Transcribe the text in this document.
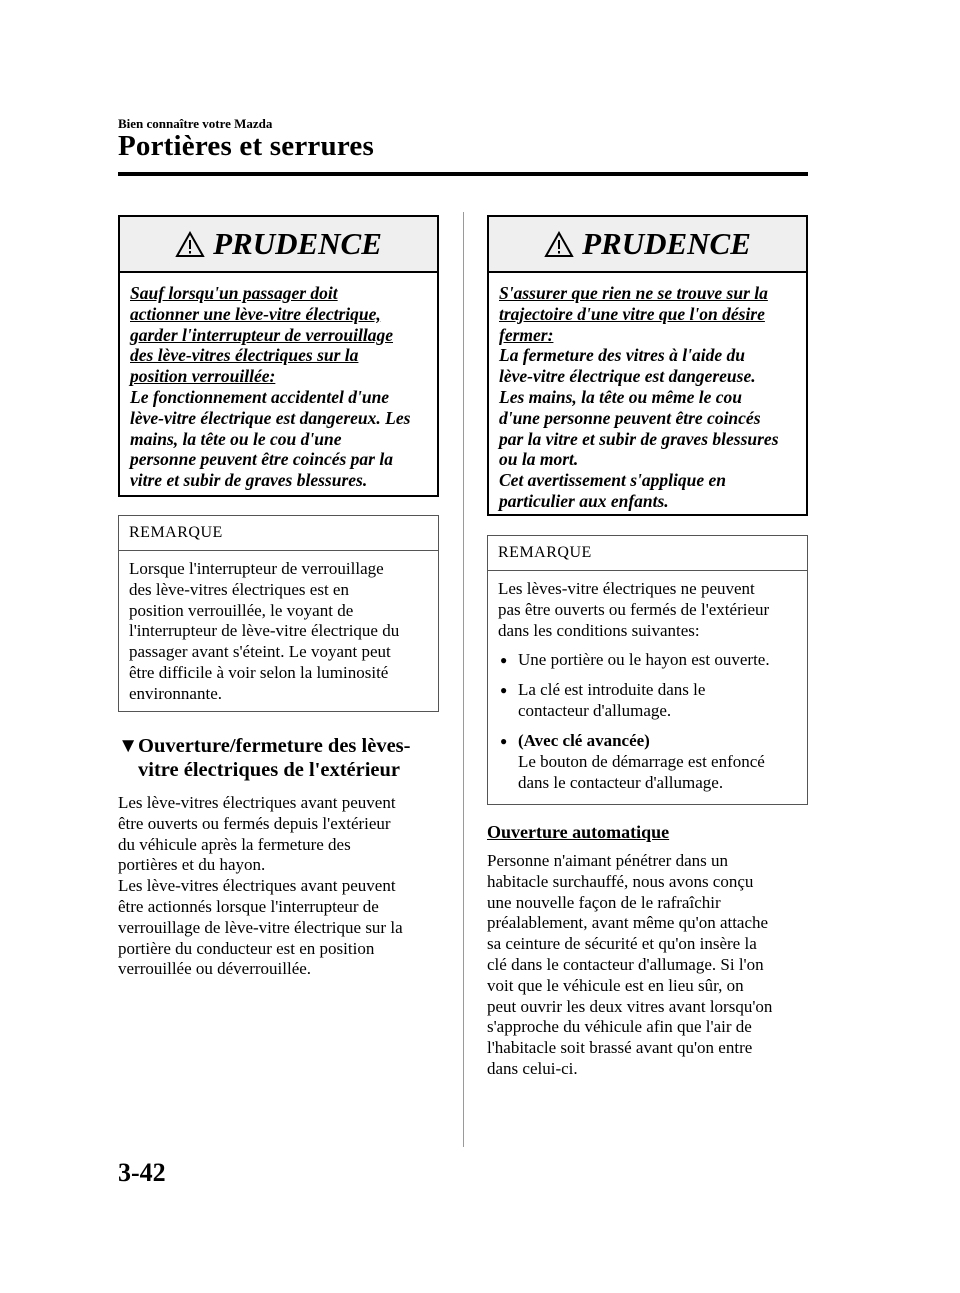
Bien connaître votre Mazda
Portières et serrures
PRUDENCE
Sauf lorsqu'un passager doit
actionner une lève-vitre électrique,
garder l'interrupteur de verrouillage
des lève-vitres électriques sur la
position verrouillée:
Le fonctionnement accidentel d'une
lève-vitre électrique est dangereux. Les
mains, la tête ou le cou d'une
personne peuvent être coincés par la
vitre et subir de graves blessures.
REMARQUE
Lorsque l'interrupteur de verrouillage
des lève-vitres électriques est en
position verrouillée, le voyant de
l'interrupteur de lève-vitre électrique du
passager avant s'éteint. Le voyant peut
être difficile à voir selon la luminosité
environnante.
▼Ouverture/fermeture des lèves-
vitre électriques de l'extérieur
Les lève-vitres électriques avant peuvent
être ouverts ou fermés depuis l'extérieur
du véhicule après la fermeture des
portières et du hayon.
Les lève-vitres électriques avant peuvent
être actionnés lorsque l'interrupteur de
verrouillage de lève-vitre électrique sur la
portière du conducteur est en position
verrouillée ou déverrouillée.
PRUDENCE
S'assurer que rien ne se trouve sur la
trajectoire d'une vitre que l'on désire
fermer:
La fermeture des vitres à l'aide du
lève-vitre électrique est dangereuse.
Les mains, la tête ou même le cou
d'une personne peuvent être coincés
par la vitre et subir de graves blessures
ou la mort.
Cet avertissement s'applique en
particulier aux enfants.
REMARQUE
Les lèves-vitre électriques ne peuvent
pas être ouverts ou fermés de l'extérieur
dans les conditions suivantes:
● Une portière ou le hayon est ouverte.
● La clé est introduite dans le
contacteur d'allumage.
● (Avec clé avancée)
Le bouton de démarrage est enfoncé
dans le contacteur d'allumage.
Ouverture automatique
Personne n'aimant pénétrer dans un
habitacle surchauffé, nous avons conçu
une nouvelle façon de le rafraîchir
préalablement, avant même qu'on attache
sa ceinture de sécurité et qu'on insère la
clé dans le contacteur d'allumage. Si l'on
voit que le véhicule est en lieu sûr, on
peut ouvrir les deux vitres avant lorsqu'on
s'approche du véhicule afin que l'air de
l'habitacle soit brassé avant qu'on entre
dans celui-ci.
3-42
